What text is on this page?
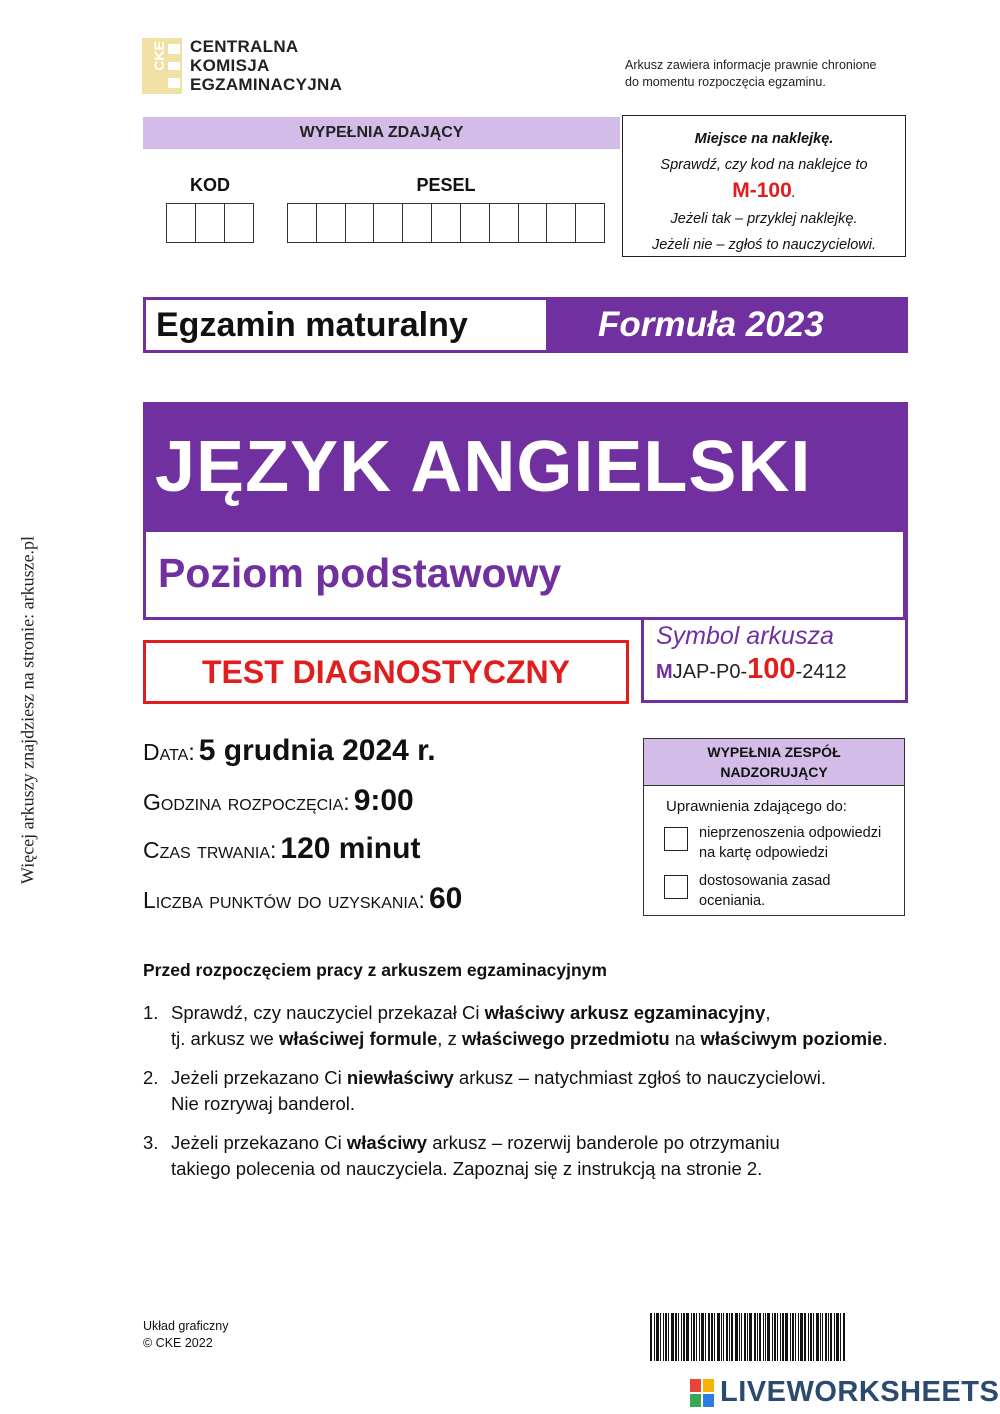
Więcej arkuszy znajdziesz na stronie: arkusze.pl
CKE CENTRALNA
KOMISJA
EGZAMINACYJNA
Arkusz zawiera informacje prawnie chronione
do momentu rozpoczęcia egzaminu.
WYPEŁNIA ZDAJĄCY
KOD	PESEL
Miejsce na naklejkę.
Sprawdź, czy kod na naklejce to
M-100.
Jeżeli tak – przyklej naklejkę.
Jeżeli nie – zgłoś to nauczycielowi.
Egzamin maturalny	Formuła 2023
JĘZYK ANGIELSKI
Poziom podstawowy
TEST DIAGNOSTYCZNY
Symbol arkusza
MJAP-P0-100-2412
Data: 5 grudnia 2024 r.
Godzina rozpoczęcia: 9:00
Czas trwania: 120 minut
Liczba punktów do uzyskania: 60
WYPEŁNIA ZESPÓŁ
NADZORUJĄCY
Uprawnienia zdającego do:
nieprzenoszenia odpowiedzi
na kartę odpowiedzi
dostosowania zasad
oceniania.
Przed rozpoczęciem pracy z arkuszem egzaminacyjnym
1. Sprawdź, czy nauczyciel przekazał Ci właściwy arkusz egzaminacyjny,
tj. arkusz we właściwej formule, z właściwego przedmiotu na właściwym poziomie.
2. Jeżeli przekazano Ci niewłaściwy arkusz – natychmiast zgłoś to nauczycielowi.
Nie rozrywaj banderol.
3. Jeżeli przekazano Ci właściwy arkusz – rozerwij banderole po otrzymaniu
takiego polecenia od nauczyciela. Zapoznaj się z instrukcją na stronie 2.
Układ graficzny
© CKE 2022
LIVEWORKSHEETS
